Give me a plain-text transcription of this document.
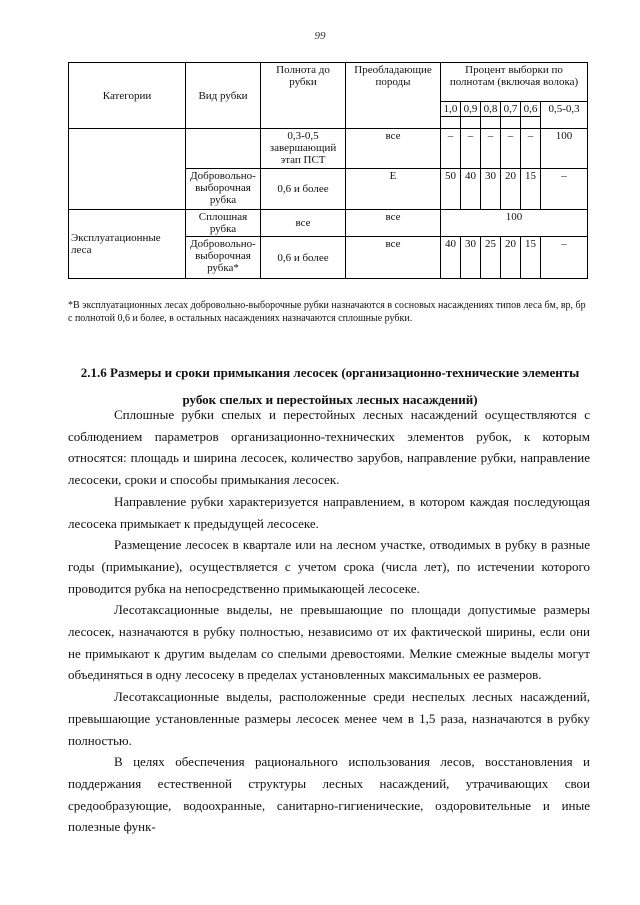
99
Категории	Вид рубки	Полнота до рубки	Преобладающие породы	Процент выборки по полнотам (включая волока)					
				1,0	0,9	0,8	0,7	0,6	0,5-0,3

		0,3-0,5 завершающий этап ПСТ	все	–	–	–	–	–	100
	Добровольно-выборочная рубка	0,6 и более	Е	50	40	30	20	15	–
Эксплуатационные леса	Сплошная рубка	все	все	100					
	Добровольно-выборочная рубка*	0,6 и более	все	40	30	25	20	15	–
*В эксплуатационных лесах добровольно-выборочные рубки назначаются в сосновых насаждениях типов леса бм, вр, бр с полнотой 0,6 и более, в остальных насаждениях назначаются сплошные рубки.
2.1.6 Размеры и сроки примыкания лесосек (организационно-технические элементы рубок спелых и перестойных лесных насаждений)

Сплошные рубки спелых и перестойных лесных насаждений осуществляются с соблюдением параметров организационно-технических элементов рубок, к которым относятся: площадь и ширина лесосек, количество зарубов, направление рубки, направление лесосеки, сроки и способы примыкания лесосек.

Направление рубки характеризуется направлением, в котором каждая последующая лесосека примыкает к предыдущей лесосеке.

Размещение лесосек в квартале или на лесном участке, отводимых в рубку в разные годы (примыкание), осуществляется с учетом срока (числа лет), по истечении которого проводится рубка на непосредственно примыкающей лесосеке.

Лесотаксационные выделы, не превышающие по площади допустимые размеры лесосек, назначаются в рубку полностью, независимо от их фактической ширины, если они не примыкают к другим выделам со спелыми древостоями. Мелкие смежные выделы могут объединяться в одну лесосеку в пределах установленных максимальных ее размеров.

Лесотаксационные выделы, расположенные среди неспелых лесных насаждений, превышающие установленные размеры лесосек менее чем в 1,5 раза, назначаются в рубку полностью.

В целях обеспечения рационального использования лесов, восстановления и поддержания естественной структуры лесных насаждений, утрачивающих свои средообразующие, водоохранные, санитарно-гигиенические, оздоровительные и иные полезные функ-
